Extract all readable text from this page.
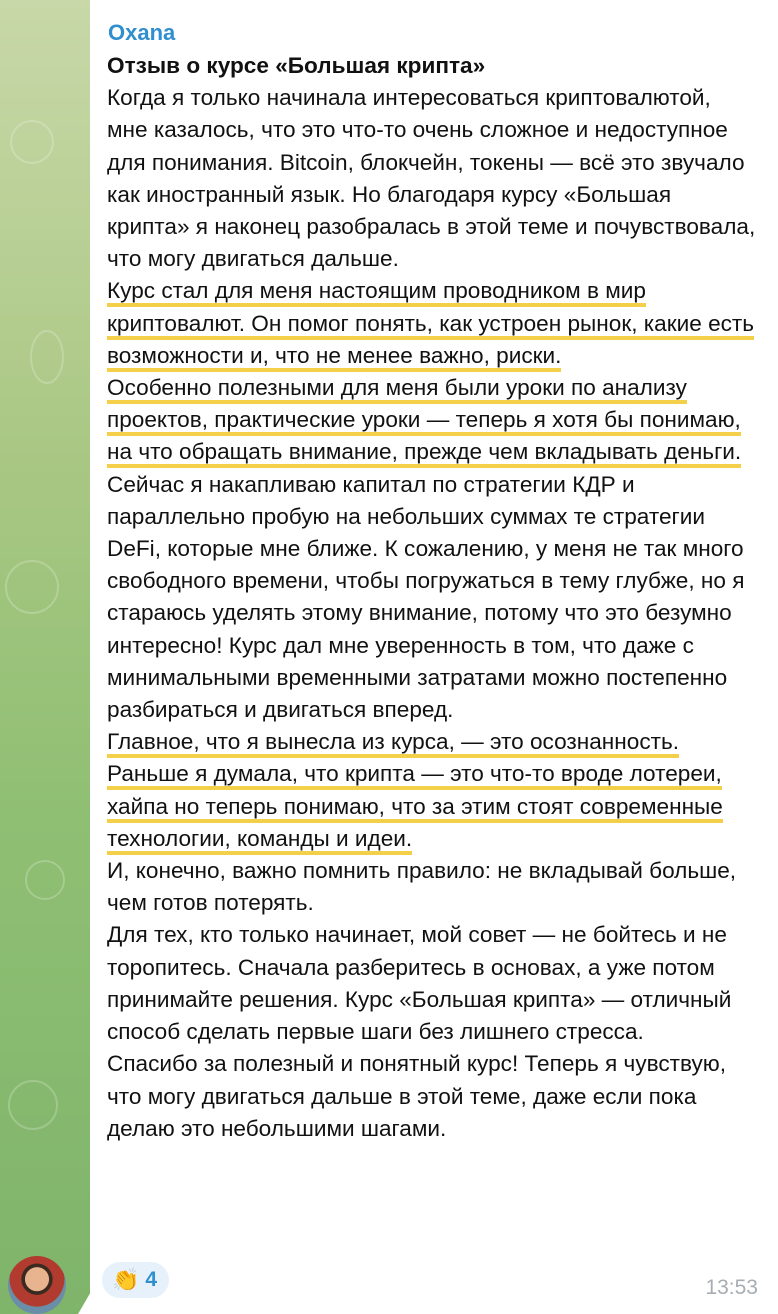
Oxana
Отзыв о курсе «Большая крипта»
Когда я только начинала интересоваться криптовалютой, мне казалось, что это что-то очень сложное и недоступное для понимания. Bitcoin, блокчейн, токены — всё это звучало как иностранный язык. Но благодаря курсу «Большая крипта» я наконец разобралась в этой теме и почувствовала, что могу двигаться дальше.
Курс стал для меня настоящим проводником в мир криптовалют. Он помог понять, как устроен рынок, какие есть возможности и, что не менее важно, риски.
Особенно полезными для меня были уроки по анализу проектов, практические уроки — теперь я хотя бы понимаю, на что обращать внимание, прежде чем вкладывать деньги.
Сейчас я накапливаю капитал по стратегии КДР и параллельно пробую на небольших суммах те стратегии DeFi, которые мне ближе. К сожалению, у меня не так много свободного времени, чтобы погружаться в тему глубже, но я стараюсь уделять этому внимание, потому что это безумно интересно! Курс дал мне уверенность в том, что даже с минимальными временными затратами можно постепенно разбираться и двигаться вперед.
Главное, что я вынесла из курса, — это осознанность. Раньше я думала, что крипта — это что-то вроде лотереи, хайпа но теперь понимаю, что за этим стоят современные технологии, команды и идеи.
И, конечно, важно помнить правило: не вкладывай больше, чем готов потерять.
Для тех, кто только начинает, мой совет — не бойтесь и не торопитесь. Сначала разберитесь в основах, а уже потом принимайте решения. Курс «Большая крипта» — отличный способ сделать первые шаги без лишнего стресса.
Спасибо за полезный и понятный курс! Теперь я чувствую, что могу двигаться дальше в этой теме, даже если пока делаю это небольшими шагами.
👏 4	13:53
